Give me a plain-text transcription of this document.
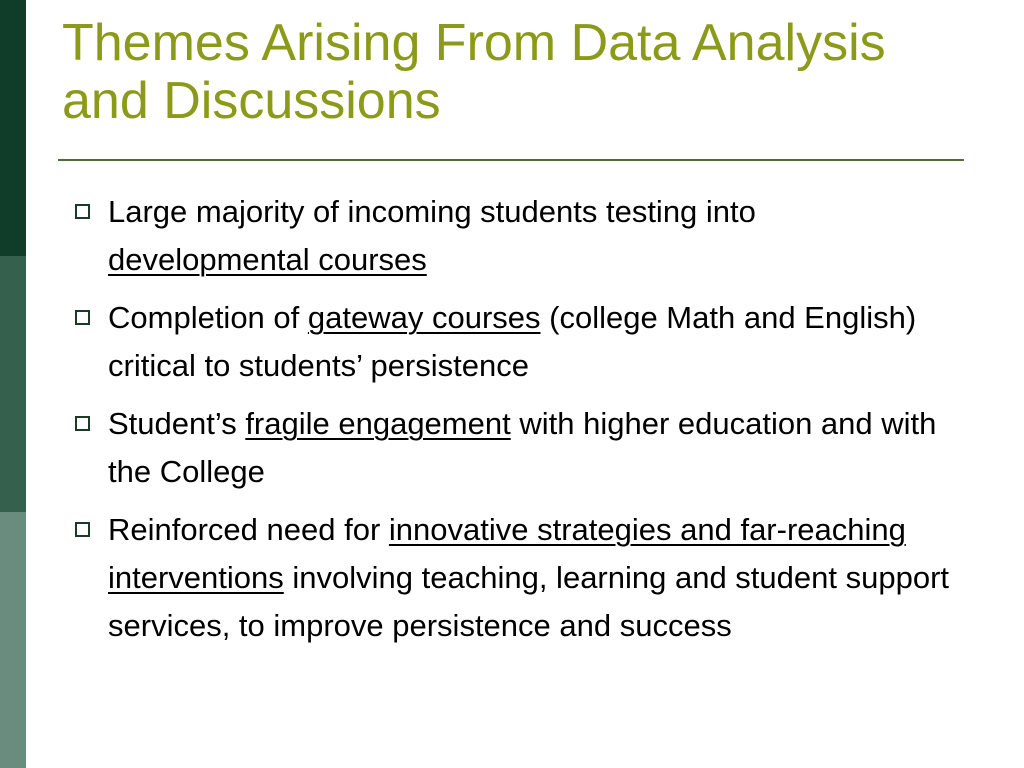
Themes Arising From Data Analysis and Discussions
Large majority of incoming students testing into developmental courses
Completion of gateway courses (college Math and English) critical to students’ persistence
Student’s fragile engagement with higher education and with the College
Reinforced need for innovative strategies and far-reaching interventions involving teaching, learning and student support services, to improve persistence and success
